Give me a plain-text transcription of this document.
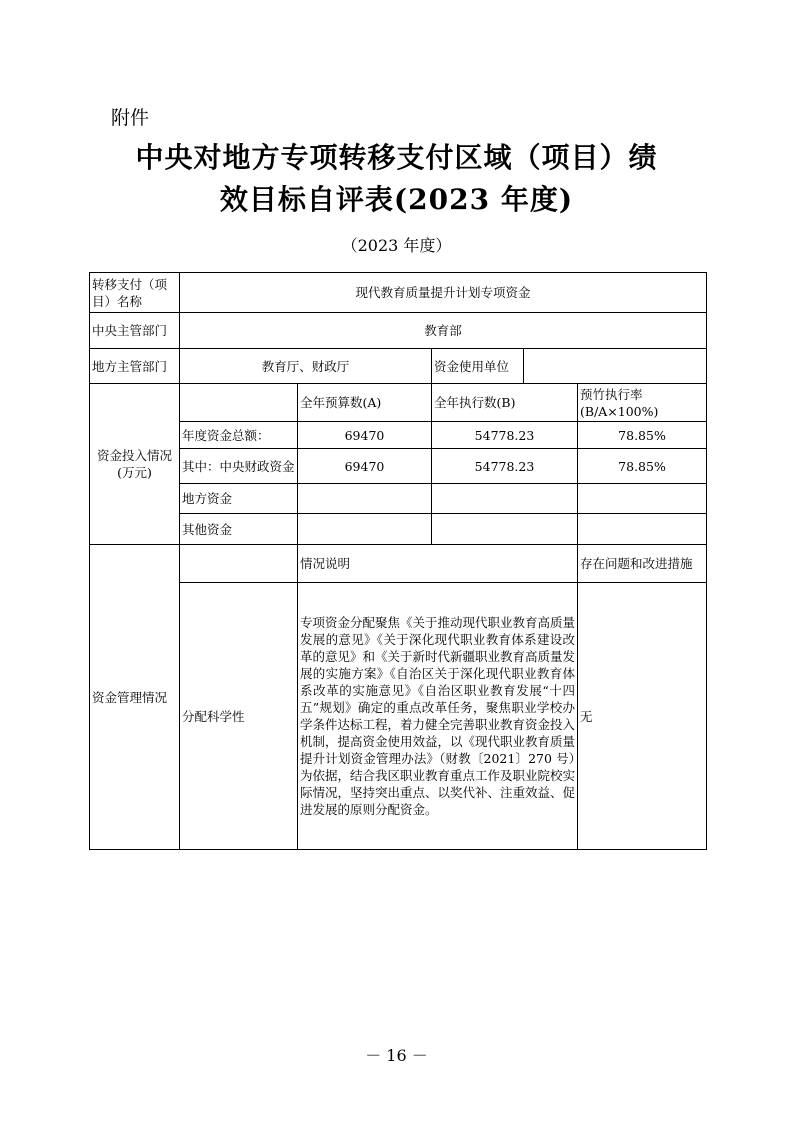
附件
中央对地方专项转移支付区域（项目）绩
效目标自评表(2023 年度)
（2023 年度）
转移支付（项目）名称	现代教育质量提升计划专项资金				
中央主管部门	教育部				
地方主管部门	教育厅、财政厅		资金使用单位		
资金投入情况(万元)		全年预算数(A)	全年执行数(B)		预竹执行率(B/A×100%)
	年度资金总额：	69470	54778.23		78.85%
	其中：中央财政资金	69470	54778.23		78.85%
	地方资金				
	其他资金				
资金管理情况		情况说明			存在问题和改进措施
	分配科学性	专项资金分配聚焦《关于推动现代职业教育高质量发展的意见》《关于深化现代职业教育体系建设改革的意见》和《关于新时代新疆职业教育高质量发展的实施方案》《自治区关于深化现代职业教育体系改革的实施意见》《自治区职业教育发展“十四五”规划》确定的重点改革任务，聚焦职业学校办学条件达标工程，着力健全完善职业教育资金投入机制，提高资金使用效益，以《现代职业教育质量提升计划资金管理办法》（财教〔2021〕270 号）为依据，结合我区职业教育重点工作及职业院校实际情况，坚持突出重点、以奖代补、注重效益、促进发展的原则分配资金。			无
－ 16 －
